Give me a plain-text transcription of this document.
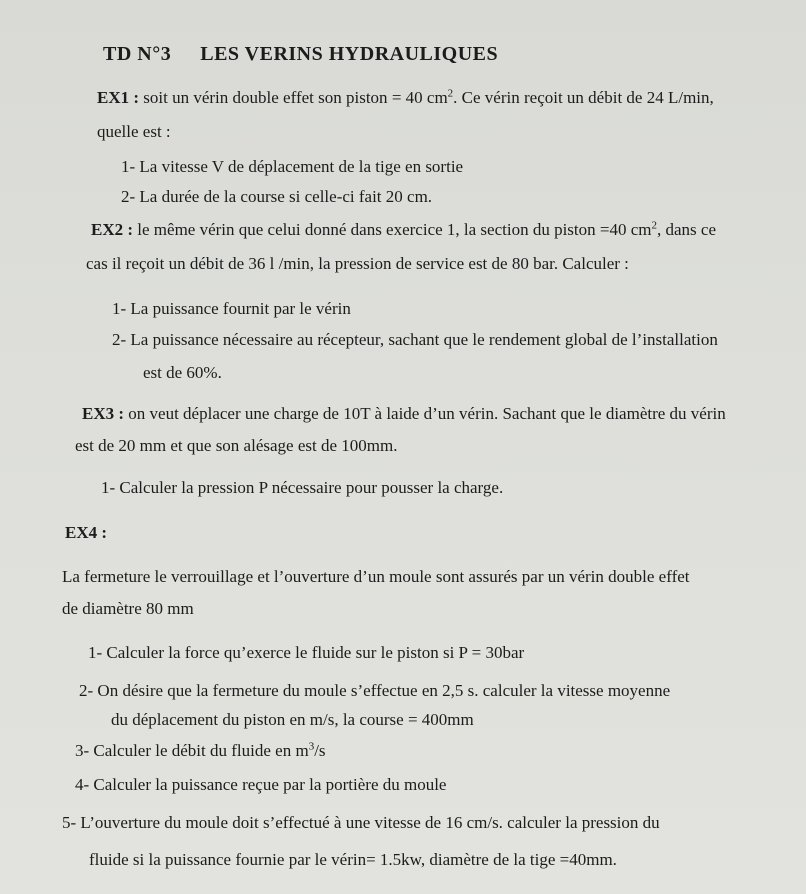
TD N°3 LES VERINS HYDRAULIQUES
EX1 : soit un vérin double effet son piston = 40 $cm^2$. Ce vérin reçoit un débit de 24 L/min,
quelle est :
1- La vitesse V de déplacement de la tige en sortie
2- La durée de la course si celle-ci fait 20 cm.
EX2 : le même vérin que celui donné dans exercice 1, la section du piston =40 $cm^2$, dans ce
cas il reçoit un débit de 36 l /min, la pression de service est de 80 bar. Calculer :
1- La puissance fournit par le vérin
2- La puissance nécessaire au récepteur, sachant que le rendement global de l’installation
est de 60%.
EX3 : on veut déplacer une charge de 10T à laide d’un vérin. Sachant que le diamètre du vérin
est de 20 mm et que son alésage est de 100mm.
1- Calculer la pression P nécessaire pour pousser la charge.
EX4 :
La fermeture le verrouillage et l’ouverture d’un moule sont assurés par un vérin double effet
de diamètre 80 mm
1- Calculer la force qu’exerce le fluide sur le piston si P = 30bar
2- On désire que la fermeture du moule s’effectue en 2,5 s. calculer la vitesse moyenne
du déplacement du piston en m/s, la course = 400mm
3- Calculer le débit du fluide en $m^3/s$
4- Calculer la puissance reçue par la portière du moule
5- L’ouverture du moule doit s’effectué à une vitesse de 16 cm/s. calculer la pression du
fluide si la puissance fournie par le vérin= 1.5kw, diamètre de la tige =40mm.
